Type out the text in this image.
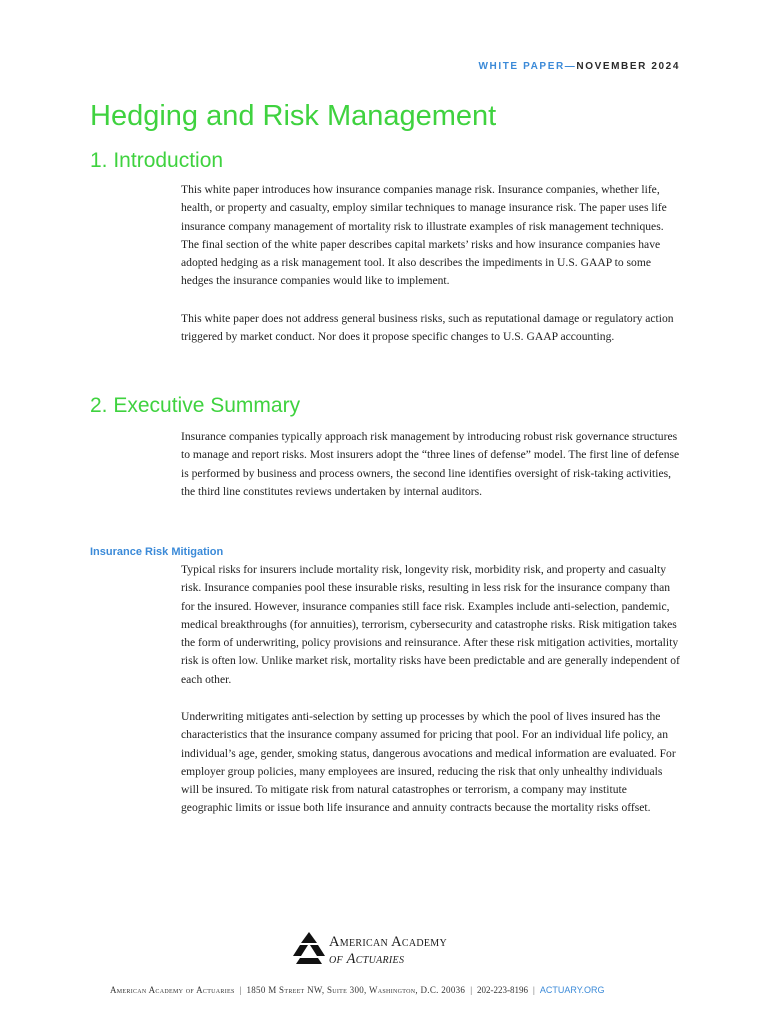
WHITE PAPER—NOVEMBER 2024
Hedging and Risk Management
1. Introduction

This white paper introduces how insurance companies manage risk. Insurance companies, whether life, health, or property and casualty, employ similar techniques to manage insurance risk. The paper uses life insurance company management of mortality risk to illustrate examples of risk management techniques. The final section of the white paper describes capital markets’ risks and how insurance companies have adopted hedging as a risk management tool. It also describes the impediments in U.S. GAAP to some hedges the insurance companies would like to implement.

This white paper does not address general business risks, such as reputational damage or regulatory action triggered by market conduct. Nor does it propose specific changes to U.S. GAAP accounting.

2. Executive Summary

Insurance companies typically approach risk management by introducing robust risk governance structures to manage and report risks. Most insurers adopt the “three lines of defense” model. The first line of defense is performed by business and process owners, the second line identifies oversight of risk-taking activities, the third line constitutes reviews undertaken by internal auditors.

Insurance Risk Mitigation

Typical risks for insurers include mortality risk, longevity risk, morbidity risk, and property and casualty risk. Insurance companies pool these insurable risks, resulting in less risk for the insurance company than for the insured. However, insurance companies still face risk. Examples include anti-selection, pandemic, medical breakthroughs (for annuities), terrorism, cybersecurity and catastrophe risks. Risk mitigation takes the form of underwriting, policy provisions and reinsurance. After these risk mitigation activities, mortality risk is often low. Unlike market risk, mortality risks have been predictable and are generally independent of each other.

Underwriting mitigates anti-selection by setting up processes by which the pool of lives insured has the characteristics that the insurance company assumed for pricing that pool. For an individual life policy, an individual’s age, gender, smoking status, dangerous avocations and medical information are evaluated. For employer group policies, many employees are insured, reducing the risk that only unhealthy individuals will be insured. To mitigate risk from natural catastrophes or terrorism, a company may institute geographic limits or issue both life insurance and annuity contracts because the mortality risks offset.

American Academy
of Actuaries
American Academy of Actuaries | 1850 M Street NW, Suite 300, Washington, D.C. 20036 | 202-223-8196 | ACTUARY.ORG
